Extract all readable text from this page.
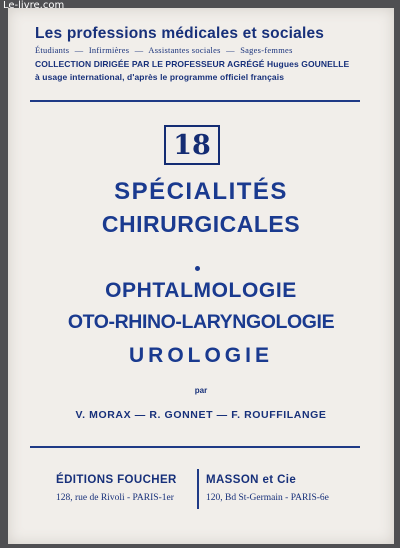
Le-livre.com
Les professions médicales et sociales
Étudiants — Infirmières — Assistantes sociales — Sages-femmes
COLLECTION DIRIGÉE PAR LE PROFESSEUR AGRÉGÉ Hugues GOUNELLE
à usage international, d'après le programme officiel français
18
SPÉCIALITÉS
CHIRURGICALES
OPHTALMOLOGIE
OTO-RHINO-LARYNGOLOGIE
UROLOGIE
par
V. MORAX — R. GONNET — F. ROUFFILANGE
ÉDITIONS FOUCHER
128, rue de Rivoli - PARIS-1er
MASSON et Cie
120, Bd St-Germain - PARIS-6e
